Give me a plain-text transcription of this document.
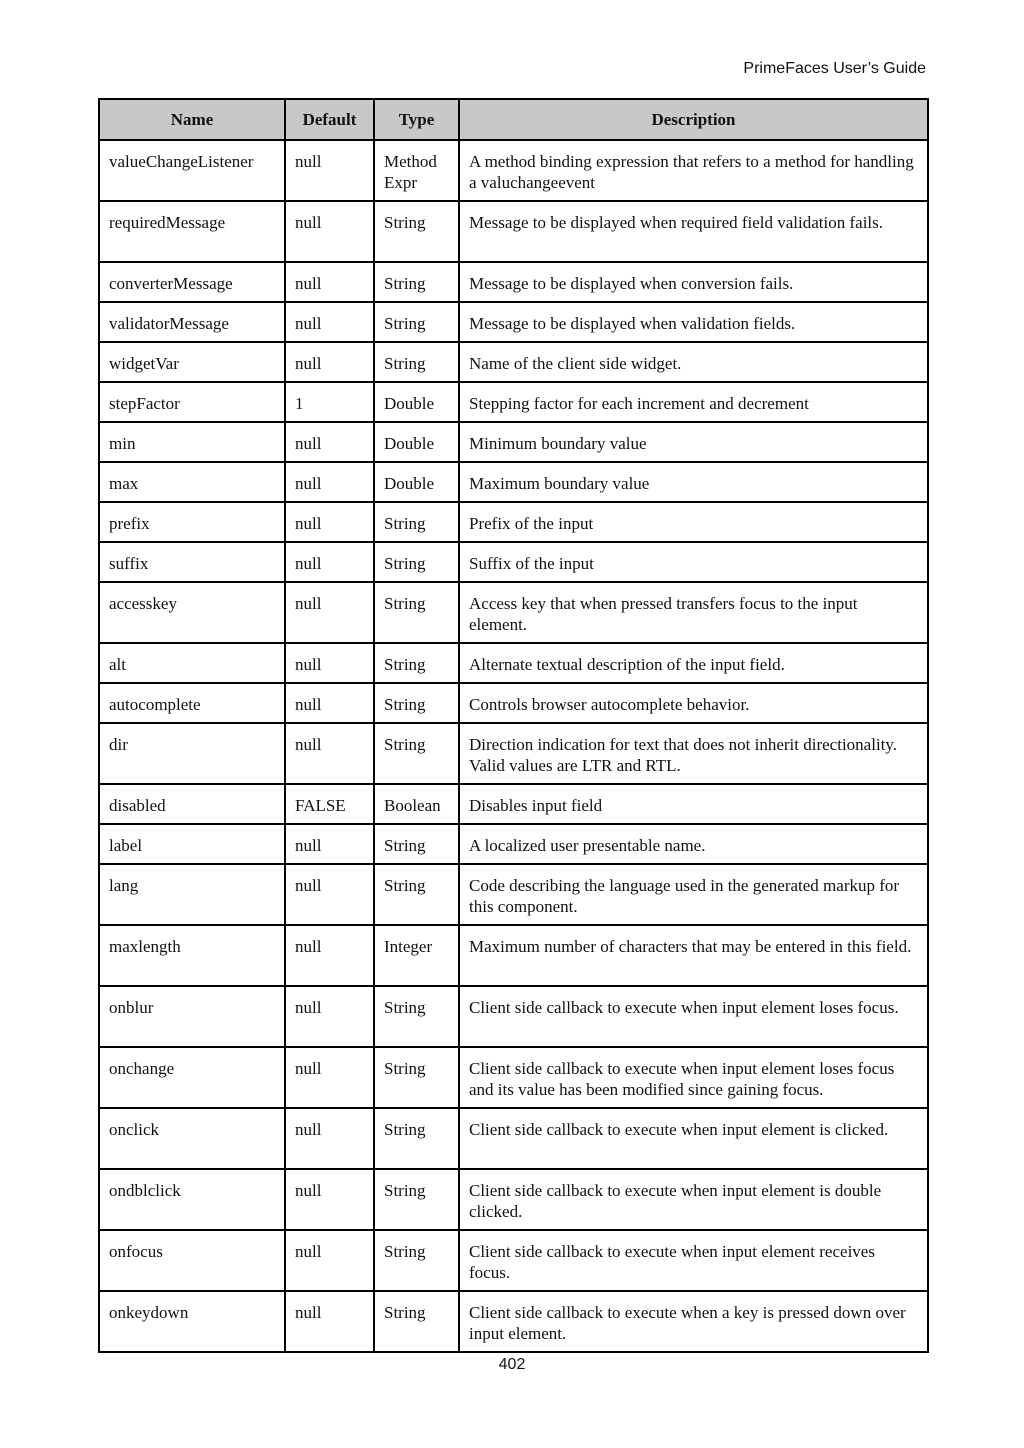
PrimeFaces User’s Guide
Name	Default	Type	Description
valueChangeListener	null	Method Expr	A method binding expression that refers to a method for handling a valuchangeevent
requiredMessage	null	String	Message to be displayed when required field validation fails.
converterMessage	null	String	Message to be displayed when conversion fails.
validatorMessage	null	String	Message to be displayed when validation fields.
widgetVar	null	String	Name of the client side widget.
stepFactor	1	Double	Stepping factor for each increment and decrement
min	null	Double	Minimum boundary value
max	null	Double	Maximum boundary value
prefix	null	String	Prefix of the input
suffix	null	String	Suffix of the input
accesskey	null	String	Access key that when pressed transfers focus to the input element.
alt	null	String	Alternate textual description of the input field.
autocomplete	null	String	Controls browser autocomplete behavior.
dir	null	String	Direction indication for text that does not inherit directionality. Valid values are LTR and RTL.
disabled	FALSE	Boolean	Disables input field
label	null	String	A localized user presentable name.
lang	null	String	Code describing the language used in the generated markup for this component.
maxlength	null	Integer	Maximum number of characters that may be entered in this field.
onblur	null	String	Client side callback to execute when input element loses focus.
onchange	null	String	Client side callback to execute when input element loses focus and its value has been modified since gaining focus.
onclick	null	String	Client side callback to execute when input element is clicked.
ondblclick	null	String	Client side callback to execute when input element is double clicked.
onfocus	null	String	Client side callback to execute when input element receives focus.
onkeydown	null	String	Client side callback to execute when a key is pressed down over input element.
402
